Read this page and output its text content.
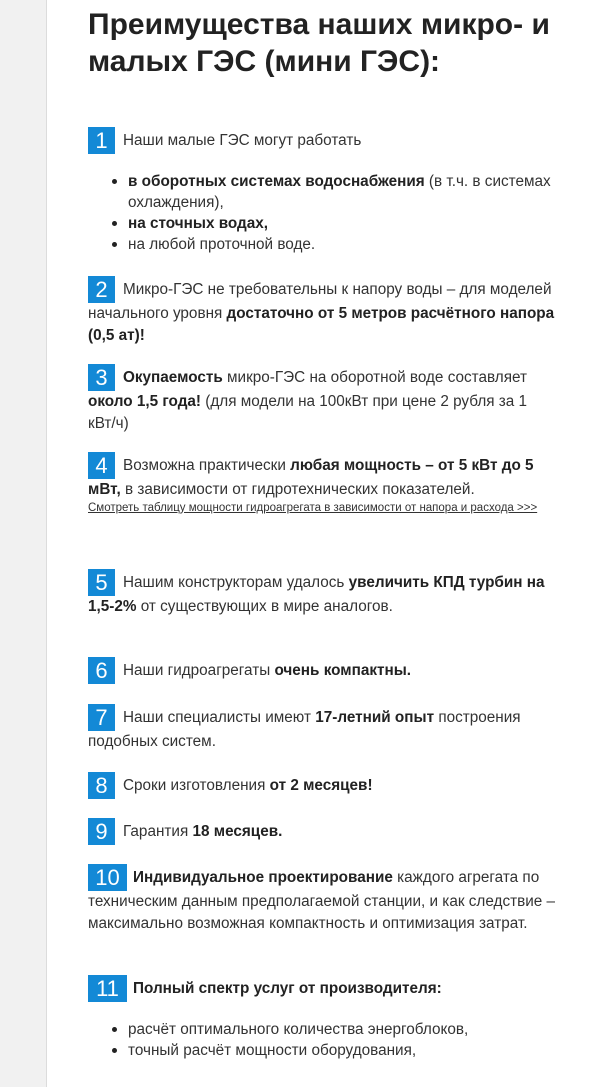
Преимущества наших микро- и малых ГЭС (мини ГЭС):
1 Наши малые ГЭС могут работать
в оборотных системах водоснабжения (в т.ч. в системах охлаждения),
на сточных водах,
на любой проточной воде.
2 Микро-ГЭС не требовательны к напору воды – для моделей начального уровня достаточно от 5 метров расчётного напора (0,5 ат)!
3 Окупаемость микро-ГЭС на оборотной воде составляет около 1,5 года! (для модели на 100кВт при цене 2 рубля за 1 кВт/ч)
4 Возможна практически любая мощность – от 5 кВт до 5 мВт, в зависимости от гидротехнических показателей.
Смотреть таблицу мощности гидроагрегата в зависимости от напора и расхода >>>
5 Нашим конструкторам удалось увеличить КПД турбин на 1,5-2% от существующих в мире аналогов.
6 Наши гидроагрегаты очень компактны.
7 Наши специалисты имеют 17-летний опыт построения подобных систем.
8 Сроки изготовления от 2 месяцев!
9 Гарантия 18 месяцев.
10 Индивидуальное проектирование каждого агрегата по техническим данным предполагаемой станции, и как следствие – максимально возможная компактность и оптимизация затрат.
11 Полный спектр услуг от производителя:
расчёт оптимального количества энергоблоков,
точный расчёт мощности оборудования,
